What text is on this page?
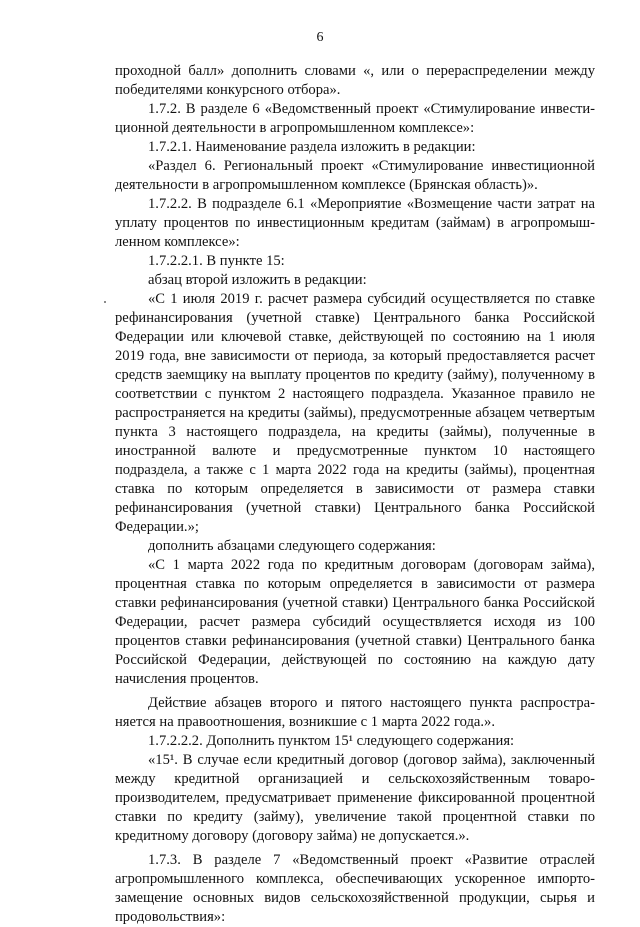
6

проходной балл» дополнить словами «, или о перераспределении между победителями конкурсного отбора».

1.7.2. В разделе 6 «Ведомственный проект «Стимулирование инвести-ционной деятельности в агропромышленном комплексе»:

1.7.2.1. Наименование раздела изложить в редакции:

«Раздел 6. Региональный проект «Стимулирование инвестиционной деятельности в агропромышленном комплексе (Брянская область)».

1.7.2.2. В подразделе 6.1 «Мероприятие «Возмещение части затрат на уплату процентов по инвестиционным кредитам (займам) в агропромыш-ленном комплексе»:

1.7.2.2.1. В пункте 15:

абзац второй изложить в редакции:

«С 1 июля 2019 г. расчет размера субсидий осуществляется по ставке рефинансирования (учетной ставке) Центрального банка Российской Федерации или ключевой ставке, действующей по состоянию на 1 июля 2019 года, вне зависимости от периода, за который предоставляется расчет средств заемщику на выплату процентов по кредиту (займу), полученному в соответствии с пунктом 2 настоящего подраздела. Указанное правило не распространяется на кредиты (займы), предусмотренные абзацем четвертым пункта 3 настоящего подраздела, на кредиты (займы), полученные в иностранной валюте и предусмотренные пунктом 10 настоящего подраздела, а также с 1 марта 2022 года на кредиты (займы), процентная ставка по которым определяется в зависимости от размера ставки рефинансирования (учетной ставки) Центрального банка Российской Федерации.»;

дополнить абзацами следующего содержания:

«С 1 марта 2022 года по кредитным договорам (договорам займа), процентная ставка по которым определяется в зависимости от размера ставки рефинансирования (учетной ставки) Центрального банка Российской Федерации, расчет размера субсидий осуществляется исходя из 100 процентов ставки рефинансирования (учетной ставки) Центрального банка Российской Федерации, действующей по состоянию на каждую дату начисления процентов.

Действие абзацев второго и пятого настоящего пункта распростра-няется на правоотношения, возникшие с 1 марта 2022 года.».

1.7.2.2.2. Дополнить пунктом 15¹ следующего содержания:

«15¹. В случае если кредитный договор (договор займа), заключенный между кредитной организацией и сельскохозяйственным товаро-производителем, предусматривает применение фиксированной процентной ставки по кредиту (займу), увеличение такой процентной ставки по кредитному договору (договору займа) не допускается.».

1.7.3. В разделе 7 «Ведомственный проект «Развитие отраслей агропромышленного комплекса, обеспечивающих ускоренное импорто-замещение основных видов сельскохозяйственной продукции, сырья и продовольствия»:
